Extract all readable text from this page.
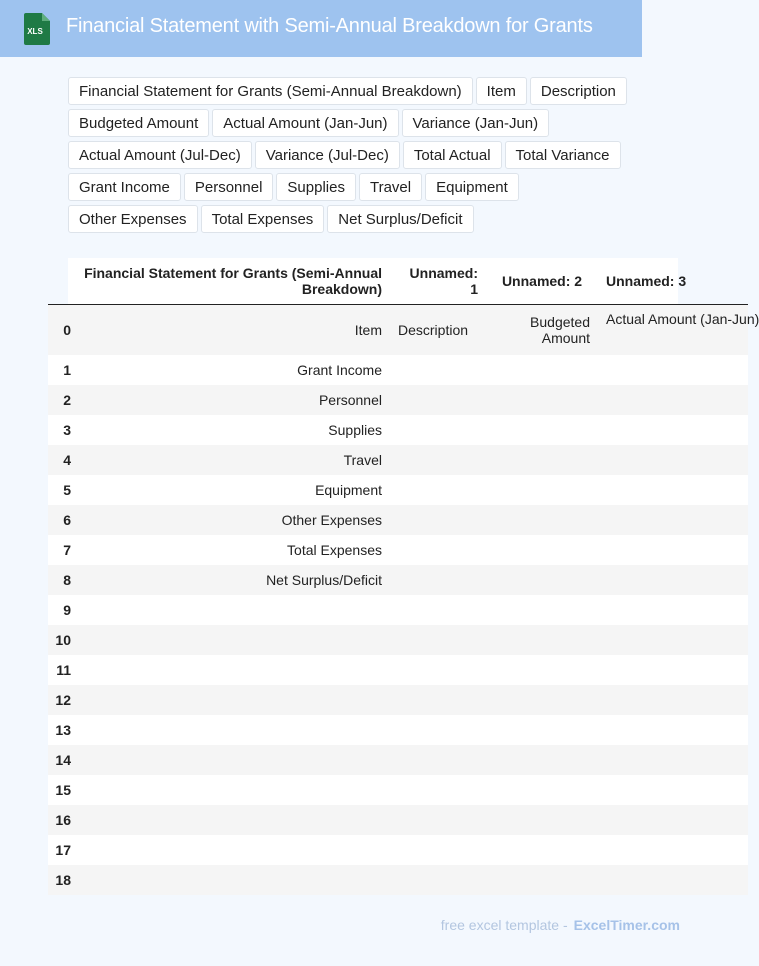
XLS Financial Statement with Semi-Annual Breakdown for Grants
Financial Statement for Grants (Semi-Annual Breakdown)	Item	Description
Budgeted Amount	Actual Amount (Jan-Jun)	Variance (Jan-Jun)
Actual Amount (Jul-Dec)	Variance (Jul-Dec)	Total Actual	Total Variance
Grant Income	Personnel	Supplies	Travel	Equipment
Other Expenses	Total Expenses	Net Surplus/Deficit
	Financial Statement for Grants (Semi-Annual Breakdown)	Unnamed: 1	Unnamed: 2	Unnamed: 3
0	Item	Description	Budgeted Amount	Actual Amount (Jan-Jun)
1	Grant Income			
2	Personnel			
3	Supplies			
4	Travel			
5	Equipment			
6	Other Expenses			
7	Total Expenses			
8	Net Surplus/Deficit			
9				
10				
11				
12				
13				
14				
15				
16				
17				
18				
free excel template - ExcelTimer.com
